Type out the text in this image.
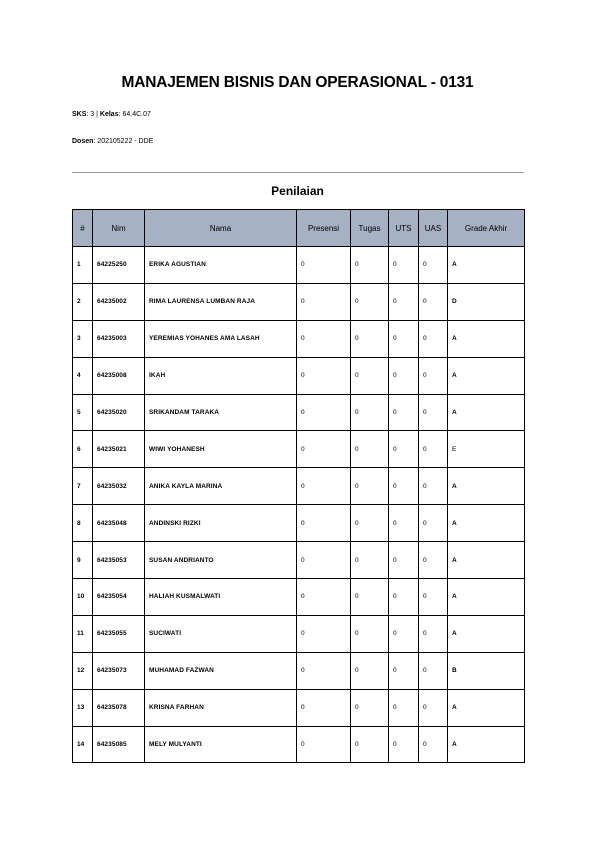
MANAJEMEN BISNIS DAN OPERASIONAL - 0131
SKS: 3 | Kelas: 64.4C.07
Dosen: 202105222 - DDE
Penilaian
#	Nim	Nama	Presensi	Tugas	UTS	UAS	Grade Akhir
1	64225250	ERIKA AGUSTIAN	0	0	0	0	A
2	64235002	RIMA LAURENSA LUMBAN RAJA	0	0	0	0	D
3	64235003	YEREMIAS YOHANES AMA LASAH	0	0	0	0	A
4	64235008	IKAH	0	0	0	0	A
5	64235020	SRIKANDAM TARAKA	0	0	0	0	A
6	64235021	WIWI YOHANESH	0	0	0	0	E
7	64235032	ANIKA KAYLA MARINA	0	0	0	0	A
8	64235048	ANDINSKI RIZKI	0	0	0	0	A
9	64235053	SUSAN ANDRIANTO	0	0	0	0	A
10	64235054	HALIAH KUSMALWATI	0	0	0	0	A
11	64235055	SUCIWATI	0	0	0	0	A
12	64235073	MUHAMAD FAZWAN	0	0	0	0	B
13	64235078	KRISNA FARHAN	0	0	0	0	A
14	64235085	MELY MULYANTI	0	0	0	0	A
